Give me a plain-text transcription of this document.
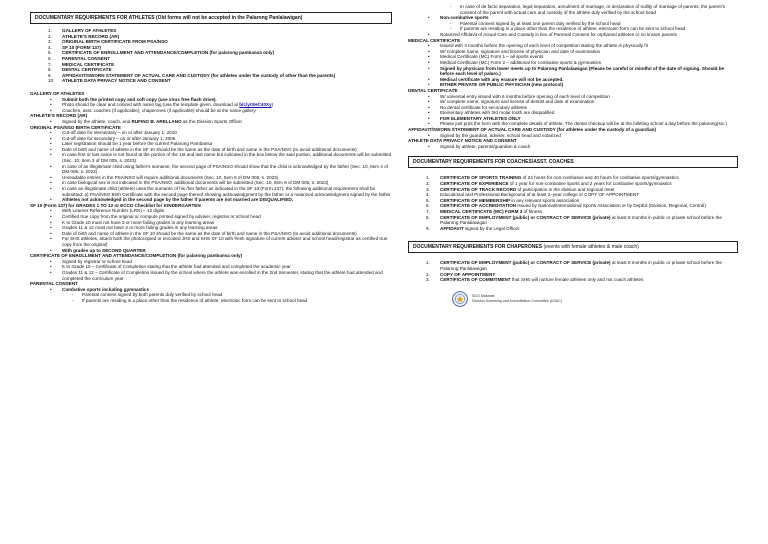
DOCUMENTARY REQUIREMENTS FOR ATHLETES (Old forms will not be accepted in the Palarong Panlalawigan)
1.	GALLERY OF ATHLETES
2.	ATHLETE'S RECORD (AR)
3.	ORIGINAL BIRTH CERTIFICATE FROM PSA/NSO
4.	SF 10 (FORM 137)
5.	CERTIFICATE OF ENROLLMENT AND ATTENDANCE/COMPLETION (for palarong pambansa only)
6.	PARENTAL CONSENT
7.	MEDICAL CERTIFICATE
8.	DENTAL CERTIFICATE
9.	AFFIDAVIT/SWORN STATEMENT OF ACTUAL CARE AND CUSTODY (for athletes under the custody of other than the parents)
10.	ATHLETE DATA PRIVACY NOTICE AND CONSENT
GALLERY OF ATHLETES
•	Submit both the printed copy and soft copy (use virus free flash drive).
•	Photo should be clear and colored with name tag (use the template given, download at bit.ly/SHC40Xy)
•	Coaches, asst. coaches (if applicable), chaperones (if applicable) should be at the same gallery
ATHLETE'S RECORD (AR)
•	Signed by the athlete, coach, and RUFINO B. ARELLANO as the Division Sports Officer
ORIGINAL PSA/NSO BIRTH CERTIFICATE
•	Cut-off date for elementary – on or after January 1, 2010
•	Cut-off date for secondary – on or after January 1, 2005
•	Later registration should be 1 year before the current Palarong Pambansa
•	Date of birth and name of athlete in the SF 10 should be the same as the date of birth and name in the PSA/NSO (to avoid additional documents)
•	In case first or last name is not found at the portion of the 1st and last name but indicated in the box below the said portion, additional documents will be submitted (Sec. 10, Item 3 of DM 005, s. 2023)
•	In case of an illegitimate child using father's surname, the second page of PSA/NSO should show that the child is acknowledged by the father (Sec. 10, Item 4 of DM 005, s. 2023)
•	Unreadable entries in the PSA/NSO will require additional documents (Sec. 10, Item 5 of DM 005, s. 2023)
•	In case biological sex is not indicated in the PSA/NSO, additional documents will be submitted (Sec. 10, Item 8 of DM 005, s. 2023)
•	In case an illegitimate child (athlete) uses the surname of his /her father as indicated in the SF 10 (Form 137), the following additional requirement shall be submitted: a) PSA/NSO Birth Certificate with the second page thereof showing acknowledgment by the father or a notarized acknowledgment signed by the father.
•	Athletes not acknowledged in the second page by the father if parents are not married are DISQUALIFIED.
SF 10 (Form 137) for GRADES 1 TO 12 or ECCD Checklist for KINDERGARTEN
•	With Learner Reference Number (LRN) – 12 digits
•	Certified true copy from the original or compute printed signed by adviser, registrar or school head
•	K to Grade 10 must not have 3 or more failing grades in any learning areas
•	Grades 11 & 12 must not have 3 or more failing grades in any learning areas
•	Date of birth and name of athlete in the SF 10 should be the same as the date of birth and name in the PSA/NSO (to avoid additional documents)
•	For SHS athletes, attach both the photocopied or encoded JHS and SHS SF 10 with fresh signature of current adviser and school head/registrar as certified true copy from the original)
•	With grades up to SECOND QUARTER
CERTIFICATE OF ENROLLMENT AND ATTENDANCE/COMPLETION (for palarong pambansa only)
•	Signed by registrar or school head
•	K to Grade 10 – Certificate of Completion stating that the athlete had attended and completed the academic year
•	Grades 11 & 12 – Certificate of Completion issued by the school where the athlete was enrolled in the 2nd Semester, stating that the athlete had attended and completed the curriculum year
PARENTAL CONSENT
•	Combative sports including gymnastics
-	Parental consent signed by both parents duly verified by school head
-	If parents are residing in a place other than the residence of athlete, electronic form can be sent to school head
-	In case of de facto separation, legal separation, annulment of marriage, or declaration of nullity of marriage of parents, the parent's consent of the parent with actual care and custody of the athlete duly verified by the school head
•	Non-combative sports
-	Parental consent signed by at least one parent duly verified by the school head
-	If parents are residing in a place other than the residence of athlete, electronic form can be sent to school head
•	Notarized Affidavit of Actual Care and Custody in lieu of Parental Consent for orphaned athletes or no known parents
MEDICAL CERTIFICATE
•	Issued with 3 months before the opening of each level of competition stating the athlete is physically fit
•	W/ complete name, signature and license of physician and date of examination
•	Medical Certificate (MC) Form 1 – all sports events
•	Medical Certificate (MC) Form 2 – additional for combative sports & gymnastics
•	Signed by physician from lower meets up to Palarong Panlalawigan (Please be careful or mindful of the date of signing. Should be before each level of palaro.)
•	Medical certificate with any erasure will not be accepted.
•	EITHER PRIVATE OR PUBLIC PHYSICIAN (new protocol)
DENTAL CERTIFICATE
•	W/ universal entry issued with 6 months before opening of each level of competition
•	W/ complete name, signature and license of dentist and date of examination
•	No dental certificate for secondary athletes
•	Elementary athletes with 3rd molar tooth are disqualified
•	FOR ELEMENTARY ATHLETES ONLY
•	Please just print the form with the complete details of athlete. The dental checkup will be at the billeting school a day before the palarong(sic.)
AFFIDAVIT/SWORN STATEMENT OF ACTUAL CARE AND CUSTODY (for athletes under the custody of a guardian)
•	Signed by the guardian, adviser, school head and notarized
ATHLETE DATA PRIVACY NOTICE AND CONSENT
•	Signed by athlete, parents/guardian & coach
DOCUMENTARY REQUIREMENTS FOR COACHES/ASST. COACHES
1.	CERTIFICATE OF SPORTS TRAINING of 24 hours for non-combative and 40 hours for combative sports/gymnastics
2.	CERTIFICATE OF EXPERIENCE of 1 year for non-combative sports and 2 years for combative sports/gymnastics
3.	CERTIFICATE OF TRACK RECORD of participation in the division and regional meet
4.	Educational and Professional Background of at least 2–year college or COPY OF APPOINTMENT
5.	CERTIFICATE OF MEMBERSHIP in any relevant sports association
6.	CERTIFICATE OF ACCREDITATION issued by National/International Sports Association or by DepEd (Division, Regional, Central)
7.	MEDICAL CERTIFICATE (MC) FORM 3 of fitness
8.	CERTIFICATE OF EMPLOYMENT (public) or CONTRACT OF SERVICE (private) at least 6 months in public or private school before the Palarong Panlalawigan
9.	AFFIDAVIT signed by the Legal Officer
DOCUMENTARY REQUIREMENTS FOR CHAPERONES (events with female athletes & male coach)
1.	CERTIFICATE OF EMPLOYMENT (public) or CONTRACT OF SERVICE (private) at least 6 months in public or private school before the Palarong Panlalawigan
2.	COPY OF APPOINTMENT
3.	CERTIFICATE OF COMMITMENT that SHE will nurture female athletes only and not coach athletes
SDO Masbate
Division Screening and Accreditation Committee (DSAC)
